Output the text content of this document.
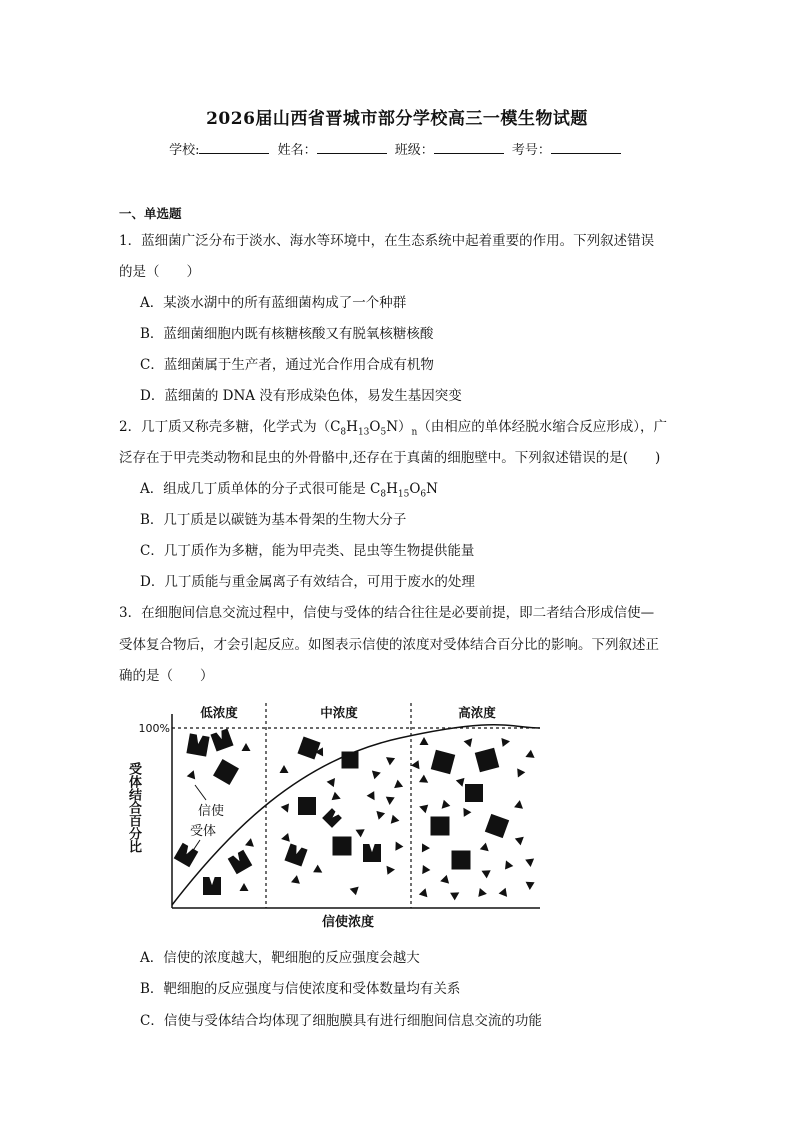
2026届山西省晋城市部分学校高三一模生物试题
学校:	姓名：	班级：	考号：
一、单选题
1．蓝细菌广泛分布于淡水、海水等环境中，在生态系统中起着重要的作用。下列叙述错误
的是（　　）
A．某淡水湖中的所有蓝细菌构成了一个种群
B．蓝细菌细胞内既有核糖核酸又有脱氧核糖核酸
C．蓝细菌属于生产者，通过光合作用合成有机物
D．蓝细菌的 DNA 没有形成染色体，易发生基因突变
2．几丁质又称壳多糖，化学式为$(C_8H_{13}O_5N)_n$（由相应的单体经脱水缩合反应形成），广
泛存在于甲壳类动物和昆虫的外骨骼中,还存在于真菌的细胞壁中。下列叙述错误的是(　　)
A．组成几丁质单体的分子式很可能是 $C_8H_{15}O_6N$
B．几丁质是以碳链为基本骨架的生物大分子
C．几丁质作为多糖，能为甲壳类、昆虫等生物提供能量
D．几丁质能与重金属离子有效结合，可用于废水的处理
3．在细胞间信息交流过程中，信使与受体的结合往往是必要前提，即二者结合形成信使—
受体复合物后，才会引起反应。如图表示信使的浓度对受体结合百分比的影响。下列叙述正
确的是（　　）
低浓度	中浓度	高浓度
100%
信使浓度
信使
受体
受体结合百分比
A．信使的浓度越大，靶细胞的反应强度会越大
B．靶细胞的反应强度与信使浓度和受体数量均有关系
C．信使与受体结合均体现了细胞膜具有进行细胞间信息交流的功能
